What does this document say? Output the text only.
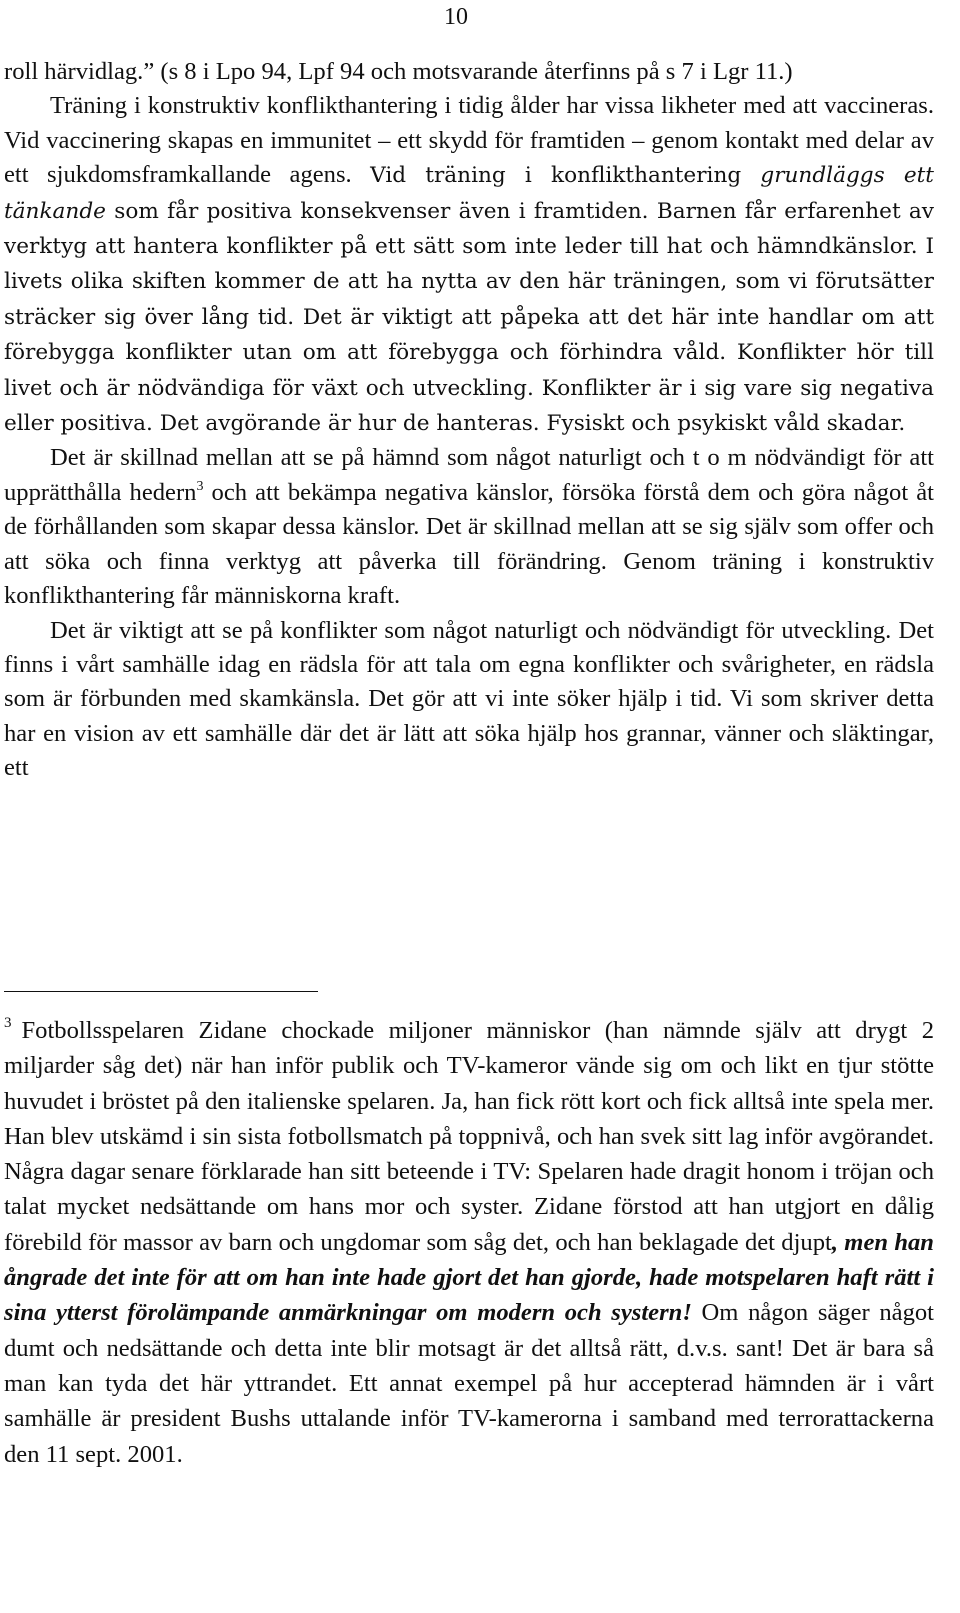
10

roll härvidlag.” (s 8 i Lpo 94, Lpf 94 och motsvarande återfinns på s 7 i Lgr 11.)

Träning i konstruktiv konflikthantering i tidig ålder har vissa likheter med att vaccineras. Vid vaccinering skapas en immunitet – ett skydd för framtiden – genom kontakt med delar av ett sjukdomsframkallande agens. Vid träning i konflikthantering grundläggs ett tänkande som får positiva konsekvenser även i framtiden. Barnen får erfarenhet av verktyg att hantera konflikter på ett sätt som inte leder till hat och hämndkänslor. I livets olika skiften kommer de att ha nytta av den här träningen, som vi förutsätter sträcker sig över lång tid. Det är viktigt att påpeka att det här inte handlar om att förebygga konflikter utan om att förebygga och förhindra våld. Konflikter hör till livet och är nödvändiga för växt och utveckling. Konflikter är i sig vare sig negativa eller positiva. Det avgörande är hur de hanteras. Fysiskt och psykiskt våld skadar.

Det är skillnad mellan att se på hämnd som något naturligt och t o m nödvändigt för att upprätthålla hedern$^3$ och att bekämpa negativa känslor, försöka förstå dem och göra något åt de förhållanden som skapar dessa känslor. Det är skillnad mellan att se sig själv som offer och att söka och finna verktyg att påverka till förändring. Genom träning i konstruktiv konflikthantering får människorna kraft.

Det är viktigt att se på konflikter som något naturligt och nödvändigt för utveckling. Det finns i vårt samhälle idag en rädsla för att tala om egna konflikter och svårigheter, en rädsla som är förbunden med skamkänsla. Det gör att vi inte söker hjälp i tid. Vi som skriver detta har en vision av ett samhälle där det är lätt att söka hjälp hos grannar, vänner och släktingar, ett

$^3$ Fotbollsspelaren Zidane chockade miljoner människor (han nämnde själv att drygt 2 miljarder såg det) när han inför publik och TV-kameror vände sig om och likt en tjur stötte huvudet i bröstet på den italienske spelaren. Ja, han fick rött kort och fick alltså inte spela mer. Han blev utskämd i sin sista fotbollsmatch på toppnivå, och han svek sitt lag inför avgörandet. Några dagar senare förklarade han sitt beteende i TV: Spelaren hade dragit honom i tröjan och talat mycket nedsättande om hans mor och syster. Zidane förstod att han utgjort en dålig förebild för massor av barn och ungdomar som såg det, och han beklagade det djupt, men han ångrade det inte för att om han inte hade gjort det han gjorde, hade motspelaren haft rätt i sina ytterst förolämpande anmärkningar om modern och systern! Om någon säger något dumt och nedsättande och detta inte blir motsagt är det alltså rätt, d.v.s. sant! Det är bara så man kan tyda det här yttrandet. Ett annat exempel på hur accepterad hämnden är i vårt samhälle är president Bushs uttalande inför TV-kamerorna i samband med terrorattackerna den 11 sept. 2001.
